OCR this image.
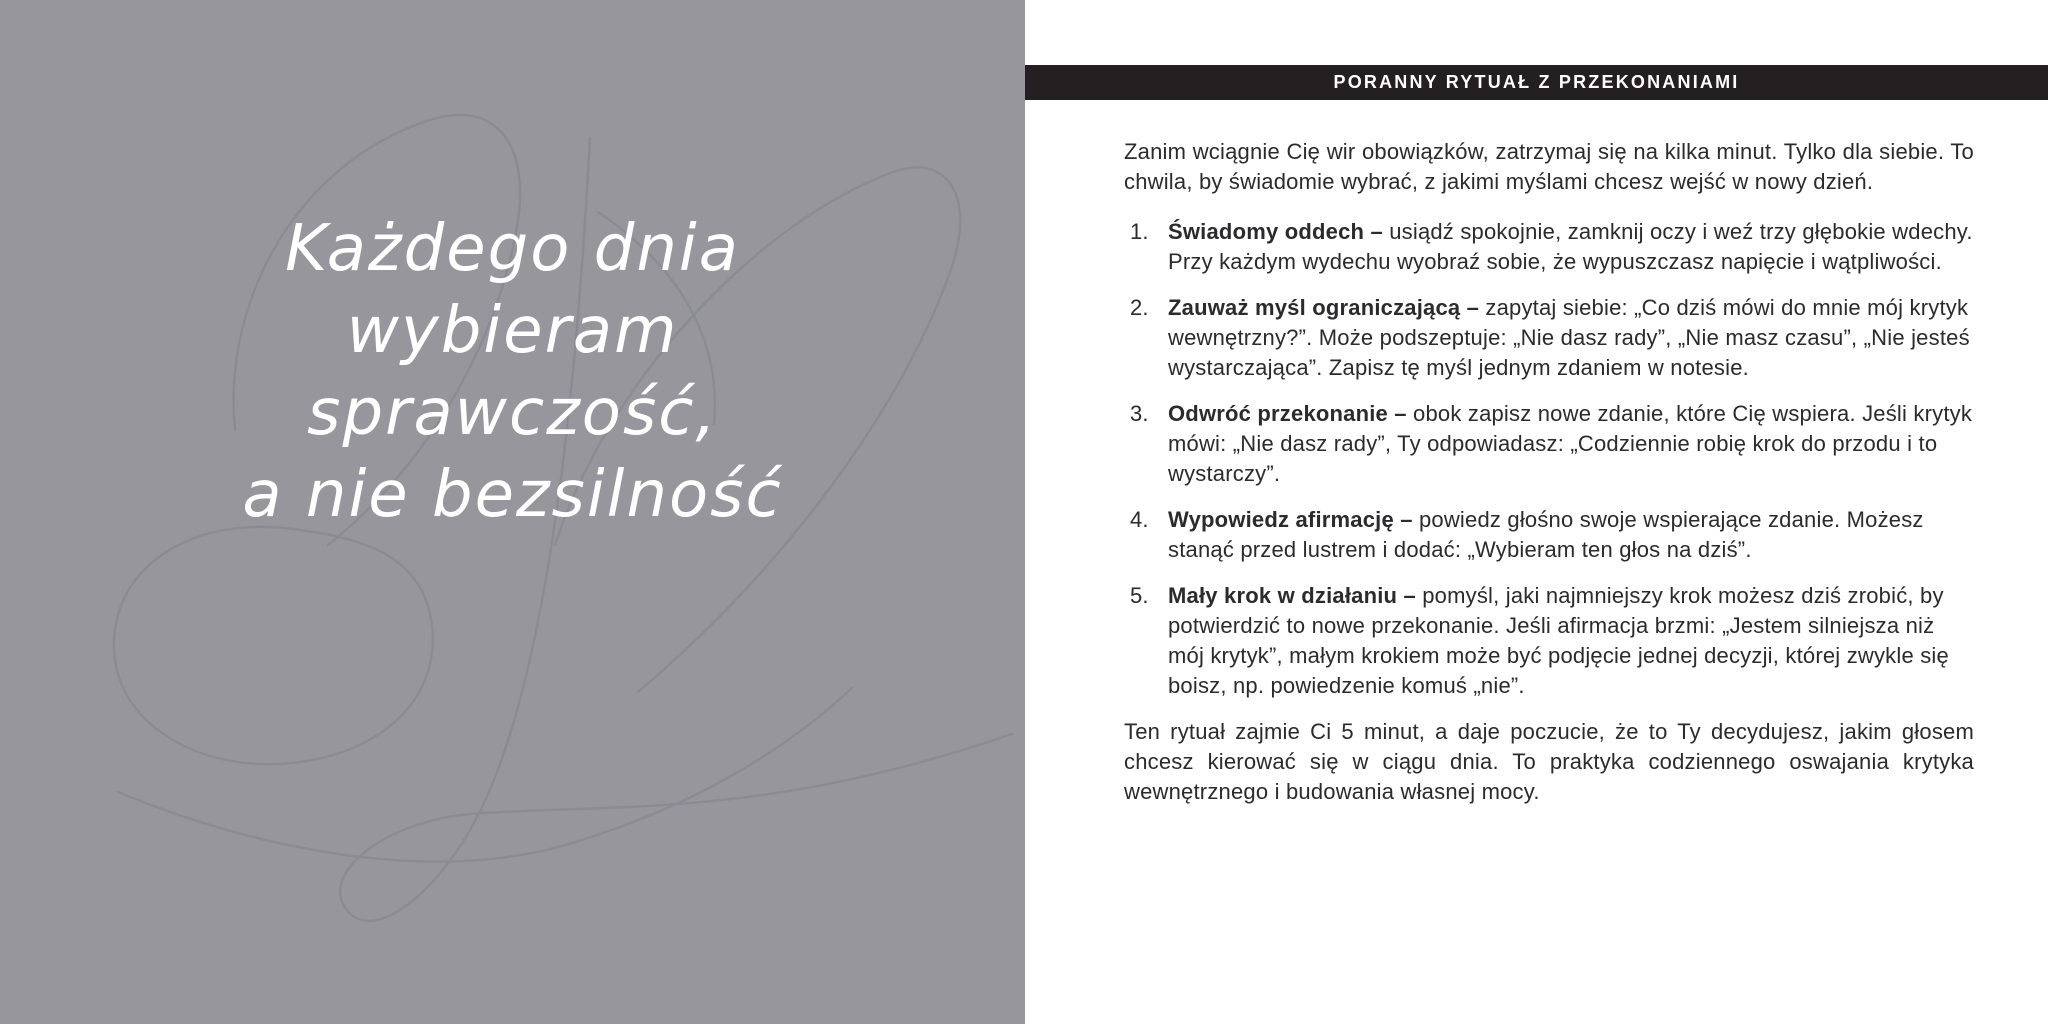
Każdego dnia
wybieram
sprawczość,
a nie bezsilność
PORANNY RYTUAŁ Z PRZEKONANIAMI

Zanim wciągnie Cię wir obowiązków, zatrzymaj się na kilka minut. Tylko dla siebie. To chwila, by świadomie wybrać, z jakimi myślami chcesz wejść w nowy dzień.

1. Świadomy oddech – usiądź spokojnie, zamknij oczy i weź trzy głębokie wdechy. Przy każdym wydechu wyobraź sobie, że wypuszczasz napięcie i wątpliwości.

2. Zauważ myśl ograniczającą – zapytaj siebie: „Co dziś mówi do mnie mój krytyk wewnętrzny?”. Może podszeptuje: „Nie dasz rady”, „Nie masz czasu”, „Nie jesteś wystarczająca”. Zapisz tę myśl jednym zdaniem w notesie.

3. Odwróć przekonanie – obok zapisz nowe zdanie, które Cię wspiera. Jeśli krytyk mówi: „Nie dasz rady”, Ty odpowiadasz: „Codziennie robię krok do przodu i to wystarczy”.

4. Wypowiedz afirmację – powiedz głośno swoje wspierające zdanie. Możesz stanąć przed lustrem i dodać: „Wybieram ten głos na dziś”.

5. Mały krok w działaniu – pomyśl, jaki najmniejszy krok możesz dziś zrobić, by potwierdzić to nowe przekonanie. Jeśli afirmacja brzmi: „Jestem silniejsza niż mój krytyk”, małym krokiem może być podjęcie jednej decyzji, której zwykle się boisz, np. powiedzenie komuś „nie”.

Ten rytuał zajmie Ci 5 minut, a daje poczucie, że to Ty decydujesz, jakim głosem chcesz kierować się w ciągu dnia. To praktyka codziennego oswajania krytyka wewnętrznego i budowania własnej mocy.
